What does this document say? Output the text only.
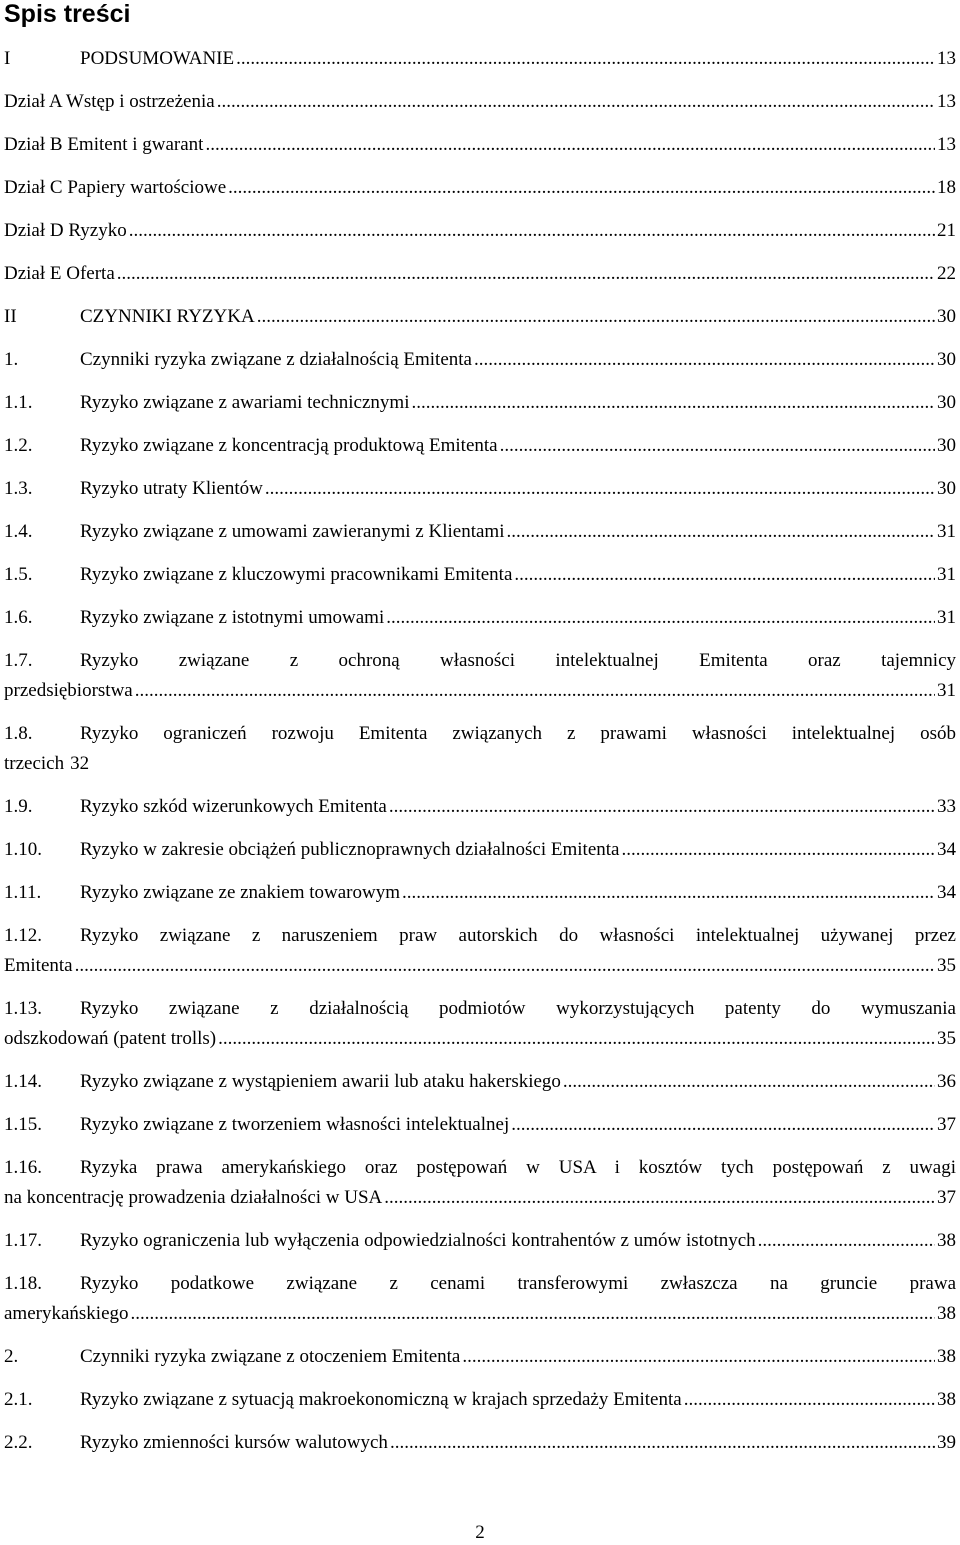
Spis treści
I	PODSUMOWANIE .....	13
Dział A Wstęp i ostrzeżenia .....	13
Dział B Emitent i gwarant .....	13
Dział C Papiery wartościowe .....	18
Dział D Ryzyko .....	21
Dział E Oferta .....	22
II	CZYNNIKI RYZYKA .....	30
1.	Czynniki ryzyka związane z działalnością Emitenta .....	30
1.1.	Ryzyko związane z awariami technicznymi .....	30
1.2.	Ryzyko związane z koncentracją produktową Emitenta .....	30
1.3.	Ryzyko utraty Klientów .....	30
1.4.	Ryzyko związane z umowami zawieranymi z Klientami .....	31
1.5.	Ryzyko związane z kluczowymi pracownikami Emitenta .....	31
1.6.	Ryzyko związane z istotnymi umowami .....	31
1.7.	Ryzyko związane z ochroną własności intelektualnej Emitenta oraz tajemnicy
przedsiębiorstwa .....	31
1.8.	Ryzyko ograniczeń rozwoju Emitenta związanych z prawami własności intelektualnej osób
trzecich 32
1.9.	Ryzyko szkód wizerunkowych Emitenta .....	33
1.10. Ryzyko w zakresie obciążeń publicznoprawnych działalności Emitenta .....	34
1.11. Ryzyko związane ze znakiem towarowym .....	34
1.12.	Ryzyko związane z naruszeniem praw autorskich do własności intelektualnej używanej przez
Emitenta .....	35
1.13.	Ryzyko związane z działalnością podmiotów wykorzystujących patenty do wymuszania
odszkodowań (patent trolls) .....	35
1.14. Ryzyko związane z wystąpieniem awarii lub ataku hakerskiego .....	36
1.15. Ryzyko związane z tworzeniem własności intelektualnej .....	37
1.16.	Ryzyka prawa amerykańskiego oraz postępowań w USA i kosztów tych postępowań z uwagi
na koncentrację prowadzenia działalności w USA .....	37
1.17. Ryzyko ograniczenia lub wyłączenia odpowiedzialności kontrahentów z umów istotnych .....	38
1.18.	Ryzyko podatkowe związane z cenami transferowymi zwłaszcza na gruncie prawa
amerykańskiego .....	38
2.	Czynniki ryzyka związane z otoczeniem Emitenta .....	38
2.1.	Ryzyko związane z sytuacją makroekonomiczną w krajach sprzedaży Emitenta .....	38
2.2.	Ryzyko zmienności kursów walutowych .....	39
2
